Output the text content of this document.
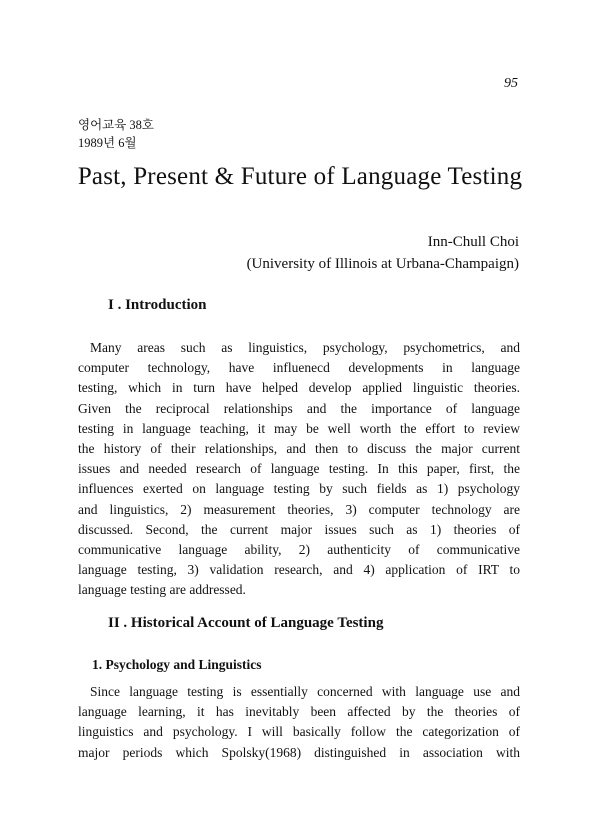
95
영어교육 38호
1989년 6월
Past, Present & Future of Language Testing
Inn-Chull Choi
(University of Illinois at Urbana-Champaign)
I . Introduction
Many areas such as linguistics, psychology, psychometrics, and
computer technology, have influenecd developments in language
testing, which in turn have helped develop applied linguistic theories.
Given the reciprocal relationships and the importance of language
testing in language teaching, it may be well worth the effort to review
the history of their relationships, and then to discuss the major current
issues and needed research of language testing. In this paper, first, the
influences exerted on language testing by such fields as 1) psychology
and linguistics, 2) measurement theories, 3) computer technology are
discussed. Second, the current major issues such as 1) theories of
communicative language ability, 2) authenticity of communicative
language testing, 3) validation research, and 4) application of IRT to
language testing are addressed.
II . Historical Account of Language Testing
1. Psychology and Linguistics
Since language testing is essentially concerned with language use and
language learning, it has inevitably been affected by the theories of
linguistics and psychology. I will basically follow the categorization of
major periods which Spolsky(1968) distinguished in association with
